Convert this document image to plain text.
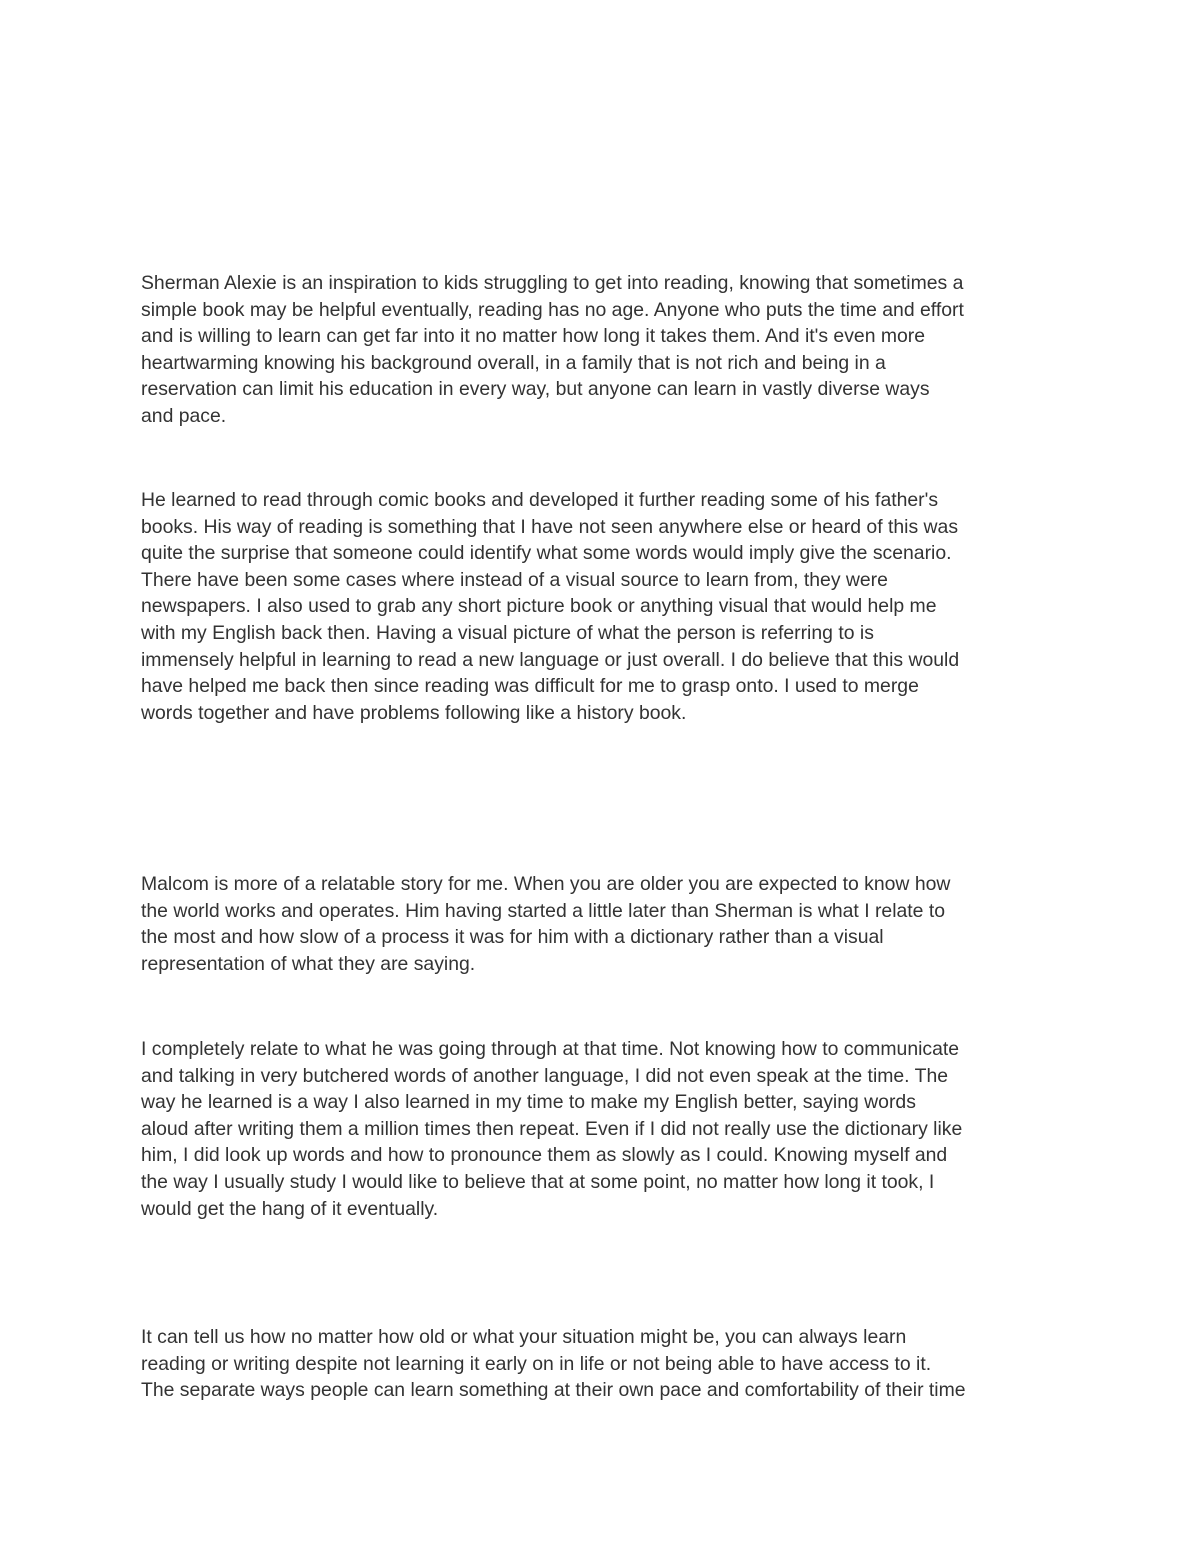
Sherman Alexie is an inspiration to kids struggling to get into reading, knowing that sometimes a
simple book may be helpful eventually, reading has no age. Anyone who puts the time and effort
and is willing to learn can get far into it no matter how long it takes them. And it's even more
heartwarming knowing his background overall, in a family that is not rich and being in a
reservation can limit his education in every way, but anyone can learn in vastly diverse ways
and pace.

He learned to read through comic books and developed it further reading some of his father's
books. His way of reading is something that I have not seen anywhere else or heard of this was
quite the surprise that someone could identify what some words would imply give the scenario.
There have been some cases where instead of a visual source to learn from, they were
newspapers. I also used to grab any short picture book or anything visual that would help me
with my English back then. Having a visual picture of what the person is referring to is
immensely helpful in learning to read a new language or just overall. I do believe that this would
have helped me back then since reading was difficult for me to grasp onto. I used to merge
words together and have problems following like a history book.

Malcom is more of a relatable story for me. When you are older you are expected to know how
the world works and operates. Him having started a little later than Sherman is what I relate to
the most and how slow of a process it was for him with a dictionary rather than a visual
representation of what they are saying.

I completely relate to what he was going through at that time. Not knowing how to communicate
and talking in very butchered words of another language, I did not even speak at the time. The
way he learned is a way I also learned in my time to make my English better, saying words
aloud after writing them a million times then repeat. Even if I did not really use the dictionary like
him, I did look up words and how to pronounce them as slowly as I could. Knowing myself and
the way I usually study I would like to believe that at some point, no matter how long it took, I
would get the hang of it eventually.

It can tell us how no matter how old or what your situation might be, you can always learn
reading or writing despite not learning it early on in life or not being able to have access to it.
The separate ways people can learn something at their own pace and comfortability of their time
